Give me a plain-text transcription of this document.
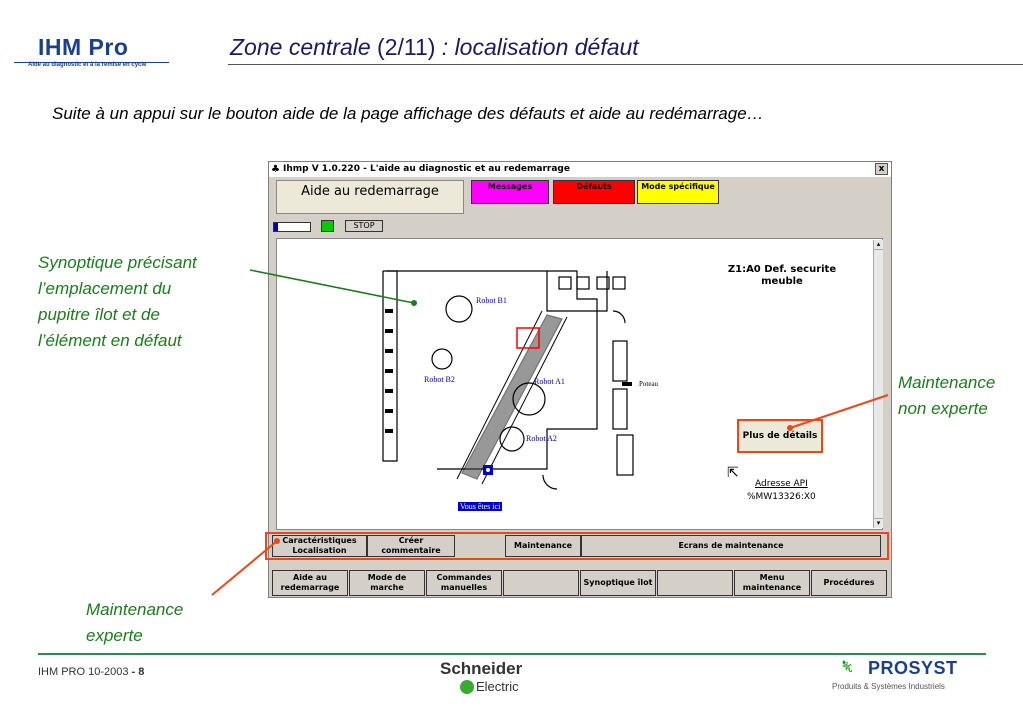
IHM Pro
Aide au diagnostic et à la remise en cycle
Zone centrale (2/11) : localisation défaut
Suite à un appui sur le bouton aide de la page affichage des défauts et aide au redémarrage…
Synoptique précisant
l’emplacement du
pupitre îlot et de
l’élément en défaut
Maintenance
non experte
Maintenance
experte
♣ Ihmp V 1.0.220 - L'aide au diagnostic et au redemarrage	x
Aide au redemarrage	Messages	Défauts	Mode spécifique
STOP
Z1:A0 Def. securite
meuble
Robot B1
Robot B2	Robot A1
Robot A2
Poteau
Vous êtes ici
Plus de détails
⇱
Adresse API
%MW13326:X0
▴
▾
Caractéristiques
Localisation
Créer
commentaire
Maintenance	Ecrans de maintenance
Aide au
redemarrage
Mode de
marche
Commandes
manuelles
Synoptique îlot
Menu
maintenance
Procédures
IHM PRO 10-2003 - 8	Schneider
Electric
🦎 PROSYST
Produits & Systèmes Industriels
